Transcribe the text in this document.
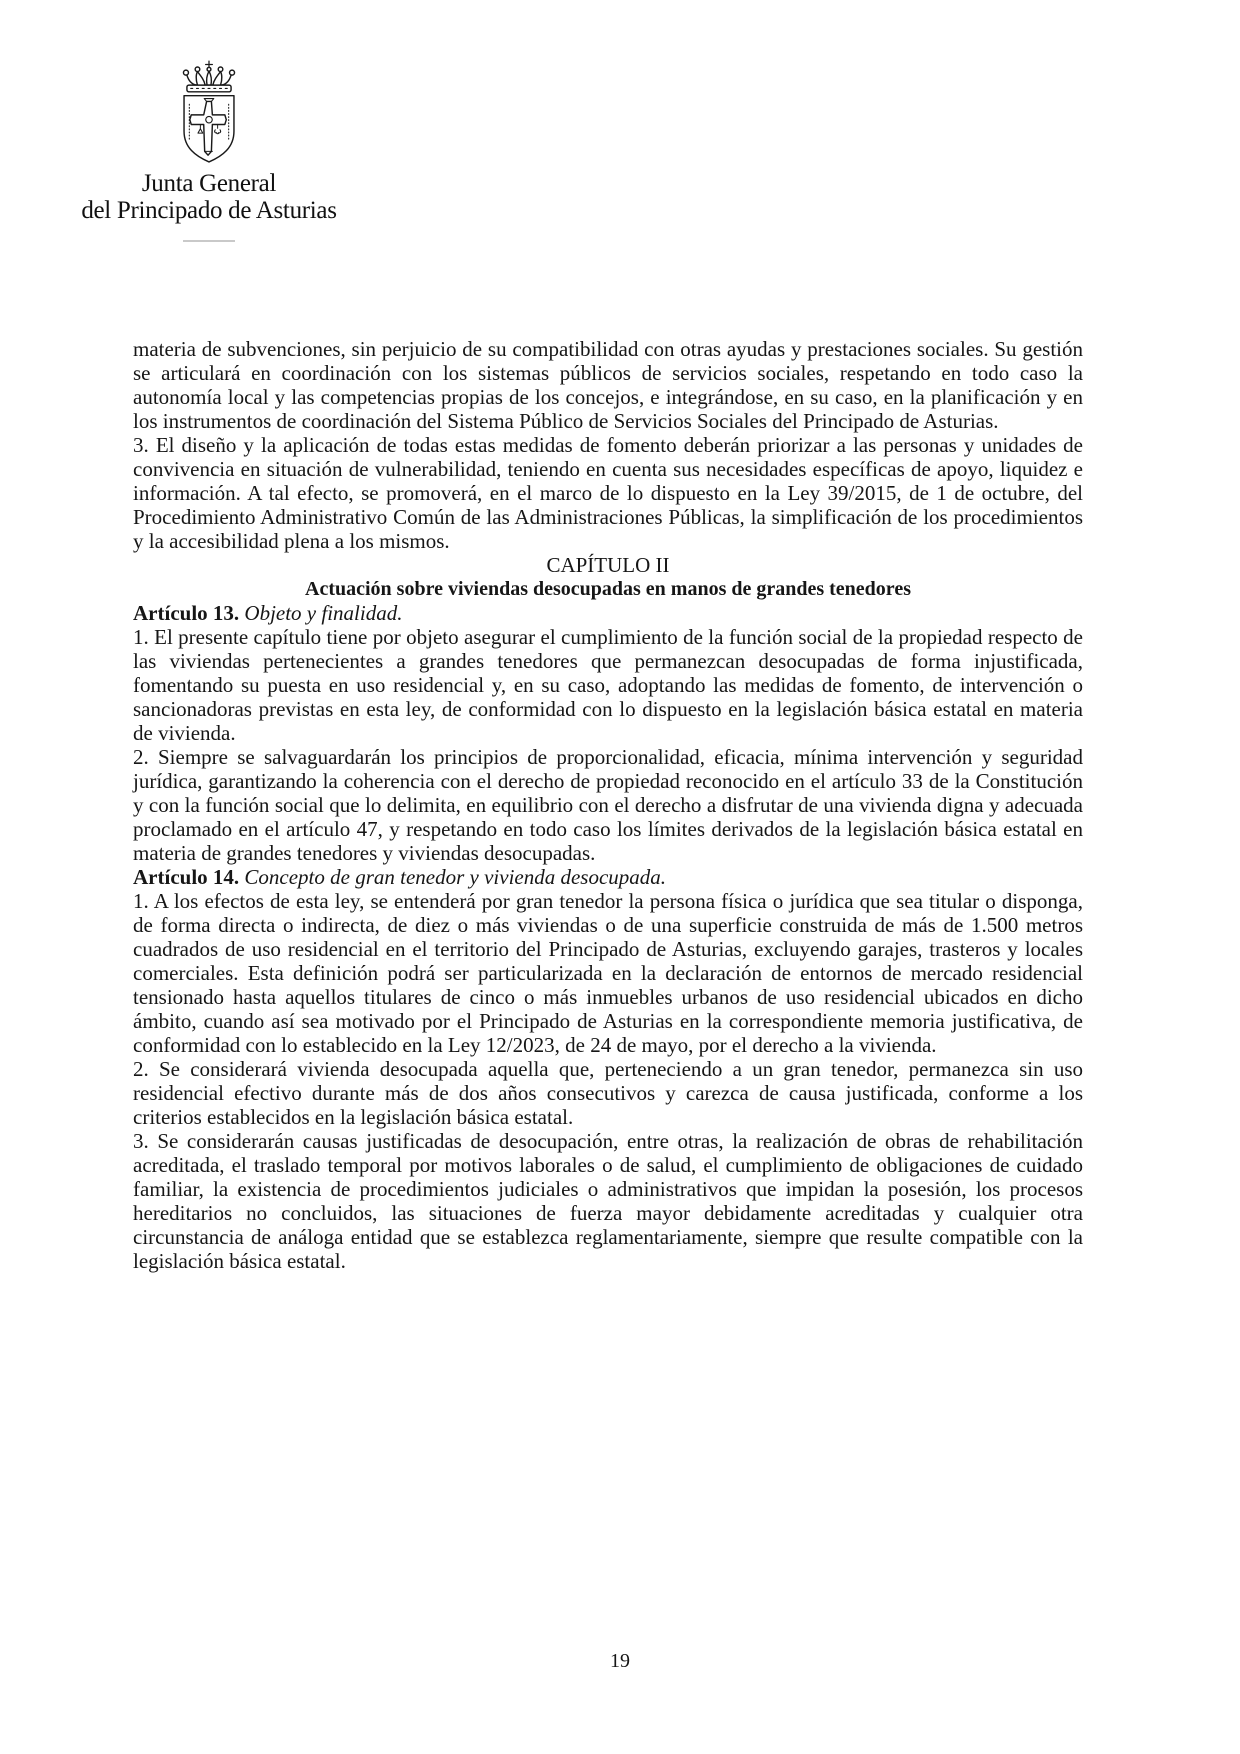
Junta General
del Principado de Asturias

materia de subvenciones, sin perjuicio de su compatibilidad con otras ayudas y prestaciones sociales. Su gestión se articulará en coordinación con los sistemas públicos de servicios sociales, respetando en todo caso la autonomía local y las competencias propias de los concejos, e integrándose, en su caso, en la planificación y en los instrumentos de coordinación del Sistema Público de Servicios Sociales del Principado de Asturias.

3. El diseño y la aplicación de todas estas medidas de fomento deberán priorizar a las personas y unidades de convivencia en situación de vulnerabilidad, teniendo en cuenta sus necesidades específicas de apoyo, liquidez e información. A tal efecto, se promoverá, en el marco de lo dispuesto en la Ley 39/2015, de 1 de octubre, del Procedimiento Administrativo Común de las Administraciones Públicas, la simplificación de los procedimientos y la accesibilidad plena a los mismos.

CAPÍTULO II

Actuación sobre viviendas desocupadas en manos de grandes tenedores

Artículo 13. Objeto y finalidad.

1. El presente capítulo tiene por objeto asegurar el cumplimiento de la función social de la propiedad respecto de las viviendas pertenecientes a grandes tenedores que permanezcan desocupadas de forma injustificada, fomentando su puesta en uso residencial y, en su caso, adoptando las medidas de fomento, de intervención o sancionadoras previstas en esta ley, de conformidad con lo dispuesto en la legislación básica estatal en materia de vivienda.

2. Siempre se salvaguardarán los principios de proporcionalidad, eficacia, mínima intervención y seguridad jurídica, garantizando la coherencia con el derecho de propiedad reconocido en el artículo 33 de la Constitución y con la función social que lo delimita, en equilibrio con el derecho a disfrutar de una vivienda digna y adecuada proclamado en el artículo 47, y respetando en todo caso los límites derivados de la legislación básica estatal en materia de grandes tenedores y viviendas desocupadas.

Artículo 14. Concepto de gran tenedor y vivienda desocupada.

1. A los efectos de esta ley, se entenderá por gran tenedor la persona física o jurídica que sea titular o disponga, de forma directa o indirecta, de diez o más viviendas o de una superficie construida de más de 1.500 metros cuadrados de uso residencial en el territorio del Principado de Asturias, excluyendo garajes, trasteros y locales comerciales. Esta definición podrá ser particularizada en la declaración de entornos de mercado residencial tensionado hasta aquellos titulares de cinco o más inmuebles urbanos de uso residencial ubicados en dicho ámbito, cuando así sea motivado por el Principado de Asturias en la correspondiente memoria justificativa, de conformidad con lo establecido en la Ley 12/2023, de 24 de mayo, por el derecho a la vivienda.

2. Se considerará vivienda desocupada aquella que, perteneciendo a un gran tenedor, permanezca sin uso residencial efectivo durante más de dos años consecutivos y carezca de causa justificada, conforme a los criterios establecidos en la legislación básica estatal.

3. Se considerarán causas justificadas de desocupación, entre otras, la realización de obras de rehabilitación acreditada, el traslado temporal por motivos laborales o de salud, el cumplimiento de obligaciones de cuidado familiar, la existencia de procedimientos judiciales o administrativos que impidan la posesión, los procesos hereditarios no concluidos, las situaciones de fuerza mayor debidamente acreditadas y cualquier otra circunstancia de análoga entidad que se establezca reglamentariamente, siempre que resulte compatible con la legislación básica estatal.

19
